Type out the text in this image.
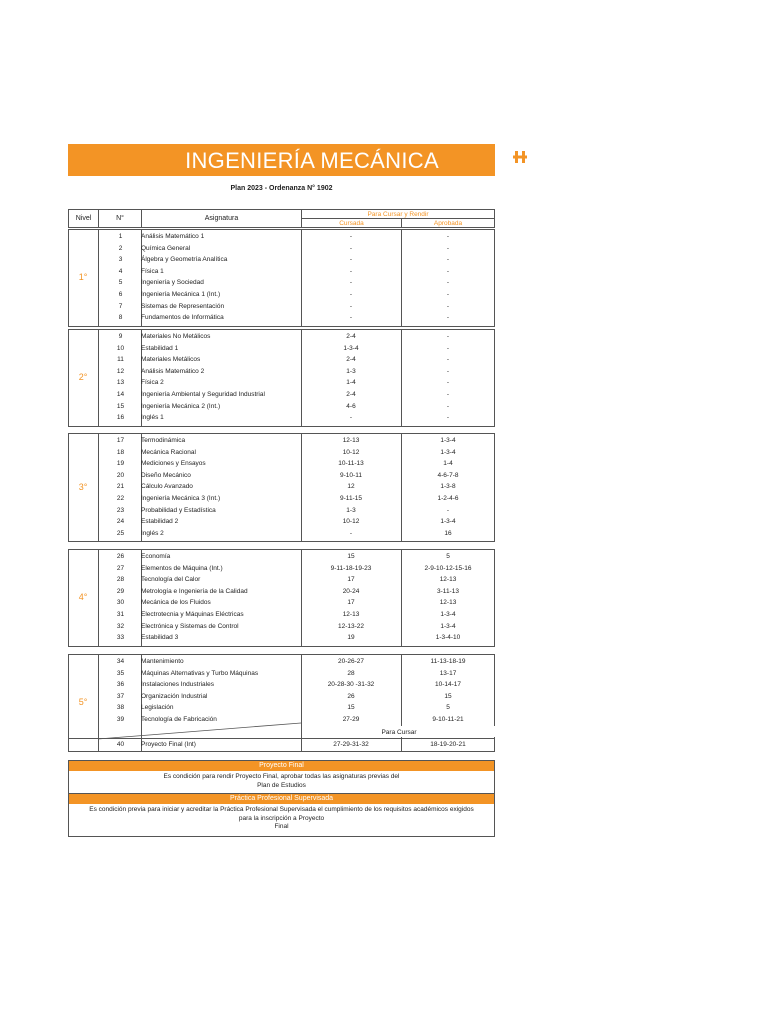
INGENIERÍA MECÁNICA	UTN
Plan 2023 - Ordenanza N° 1902
Nivel	N°	Asignatura
Para Cursar y Rendir
Cursada	Aprobada
1°
1	Análisis Matemático 1	-	-
2	Química General	-	-
3	Álgebra y Geometría Analítica	-	-
4	Física 1	-	-
5	Ingeniería y Sociedad	-	-
6	Ingeniería Mecánica 1 (Int.)	-	-
7	Sistemas de Representación	-	-
8	Fundamentos de Informática	-	-
2°
9	Materiales No Metálicos	2-4	-
10	Estabilidad 1	1-3-4	-
11	Materiales Metálicos	2-4	-
12	Análisis Matemático 2	1-3	-
13	Física 2	1-4	-
14	Ingeniería Ambiental y Seguridad Industrial	2-4	-
15	Ingeniería Mecánica 2 (Int.)	4-6	-
16	Inglés 1	-	-
3°
17	Termodinámica	12-13	1-3-4
18	Mecánica Racional	10-12	1-3-4
19	Mediciones y Ensayos	10-11-13	1-4
20	Diseño Mecánico	9-10-11	4-6-7-8
21	Cálculo Avanzado	12	1-3-8
22	Ingeniería Mecánica 3 (Int.)	9-11-15	1-2-4-6
23	Probabilidad y Estadística	1-3	-
24	Estabilidad 2	10-12	1-3-4
25	Inglés 2	-	16
4°
26	Economía	15	5
27	Elementos de Máquina (Int.)	9-11-18-19-23	2-9-10-12-15-16
28	Tecnología del Calor	17	12-13
29	Metrología e Ingeniería de la Calidad	20-24	3-11-13
30	Mecánica de los Fluidos	17	12-13
31	Electrotecnia y Máquinas Eléctricas	12-13	1-3-4
32	Electrónica y Sistemas de Control	12-13-22	1-3-4
33	Estabilidad 3	19	1-3-4-10
5°
34	Mantenimiento	20-26-27	11-13-18-19
35	Máquinas Alternativas y Turbo Máquinas	28	13-17
36	Instalaciones Industriales	20-28-30 -31-32	10-14-17
37	Organización Industrial	26	15
38	Legislación	15	5
39	Tecnología de Fabricación	27-29	9-10-11-21
Para Cursar
40	Proyecto Final (Int)	27-29-31-32	18-19-20-21
Proyecto Final
Es condición para rendir Proyecto Final, aprobar todas las asignaturas previas del
Plan de Estudios
Práctica Profesional Supervisada
Es condición previa para iniciar y acreditar la Práctica Profesional Supervisada el cumplimiento de los requisitos académicos exigidos
para la inscripción a Proyecto
Final
